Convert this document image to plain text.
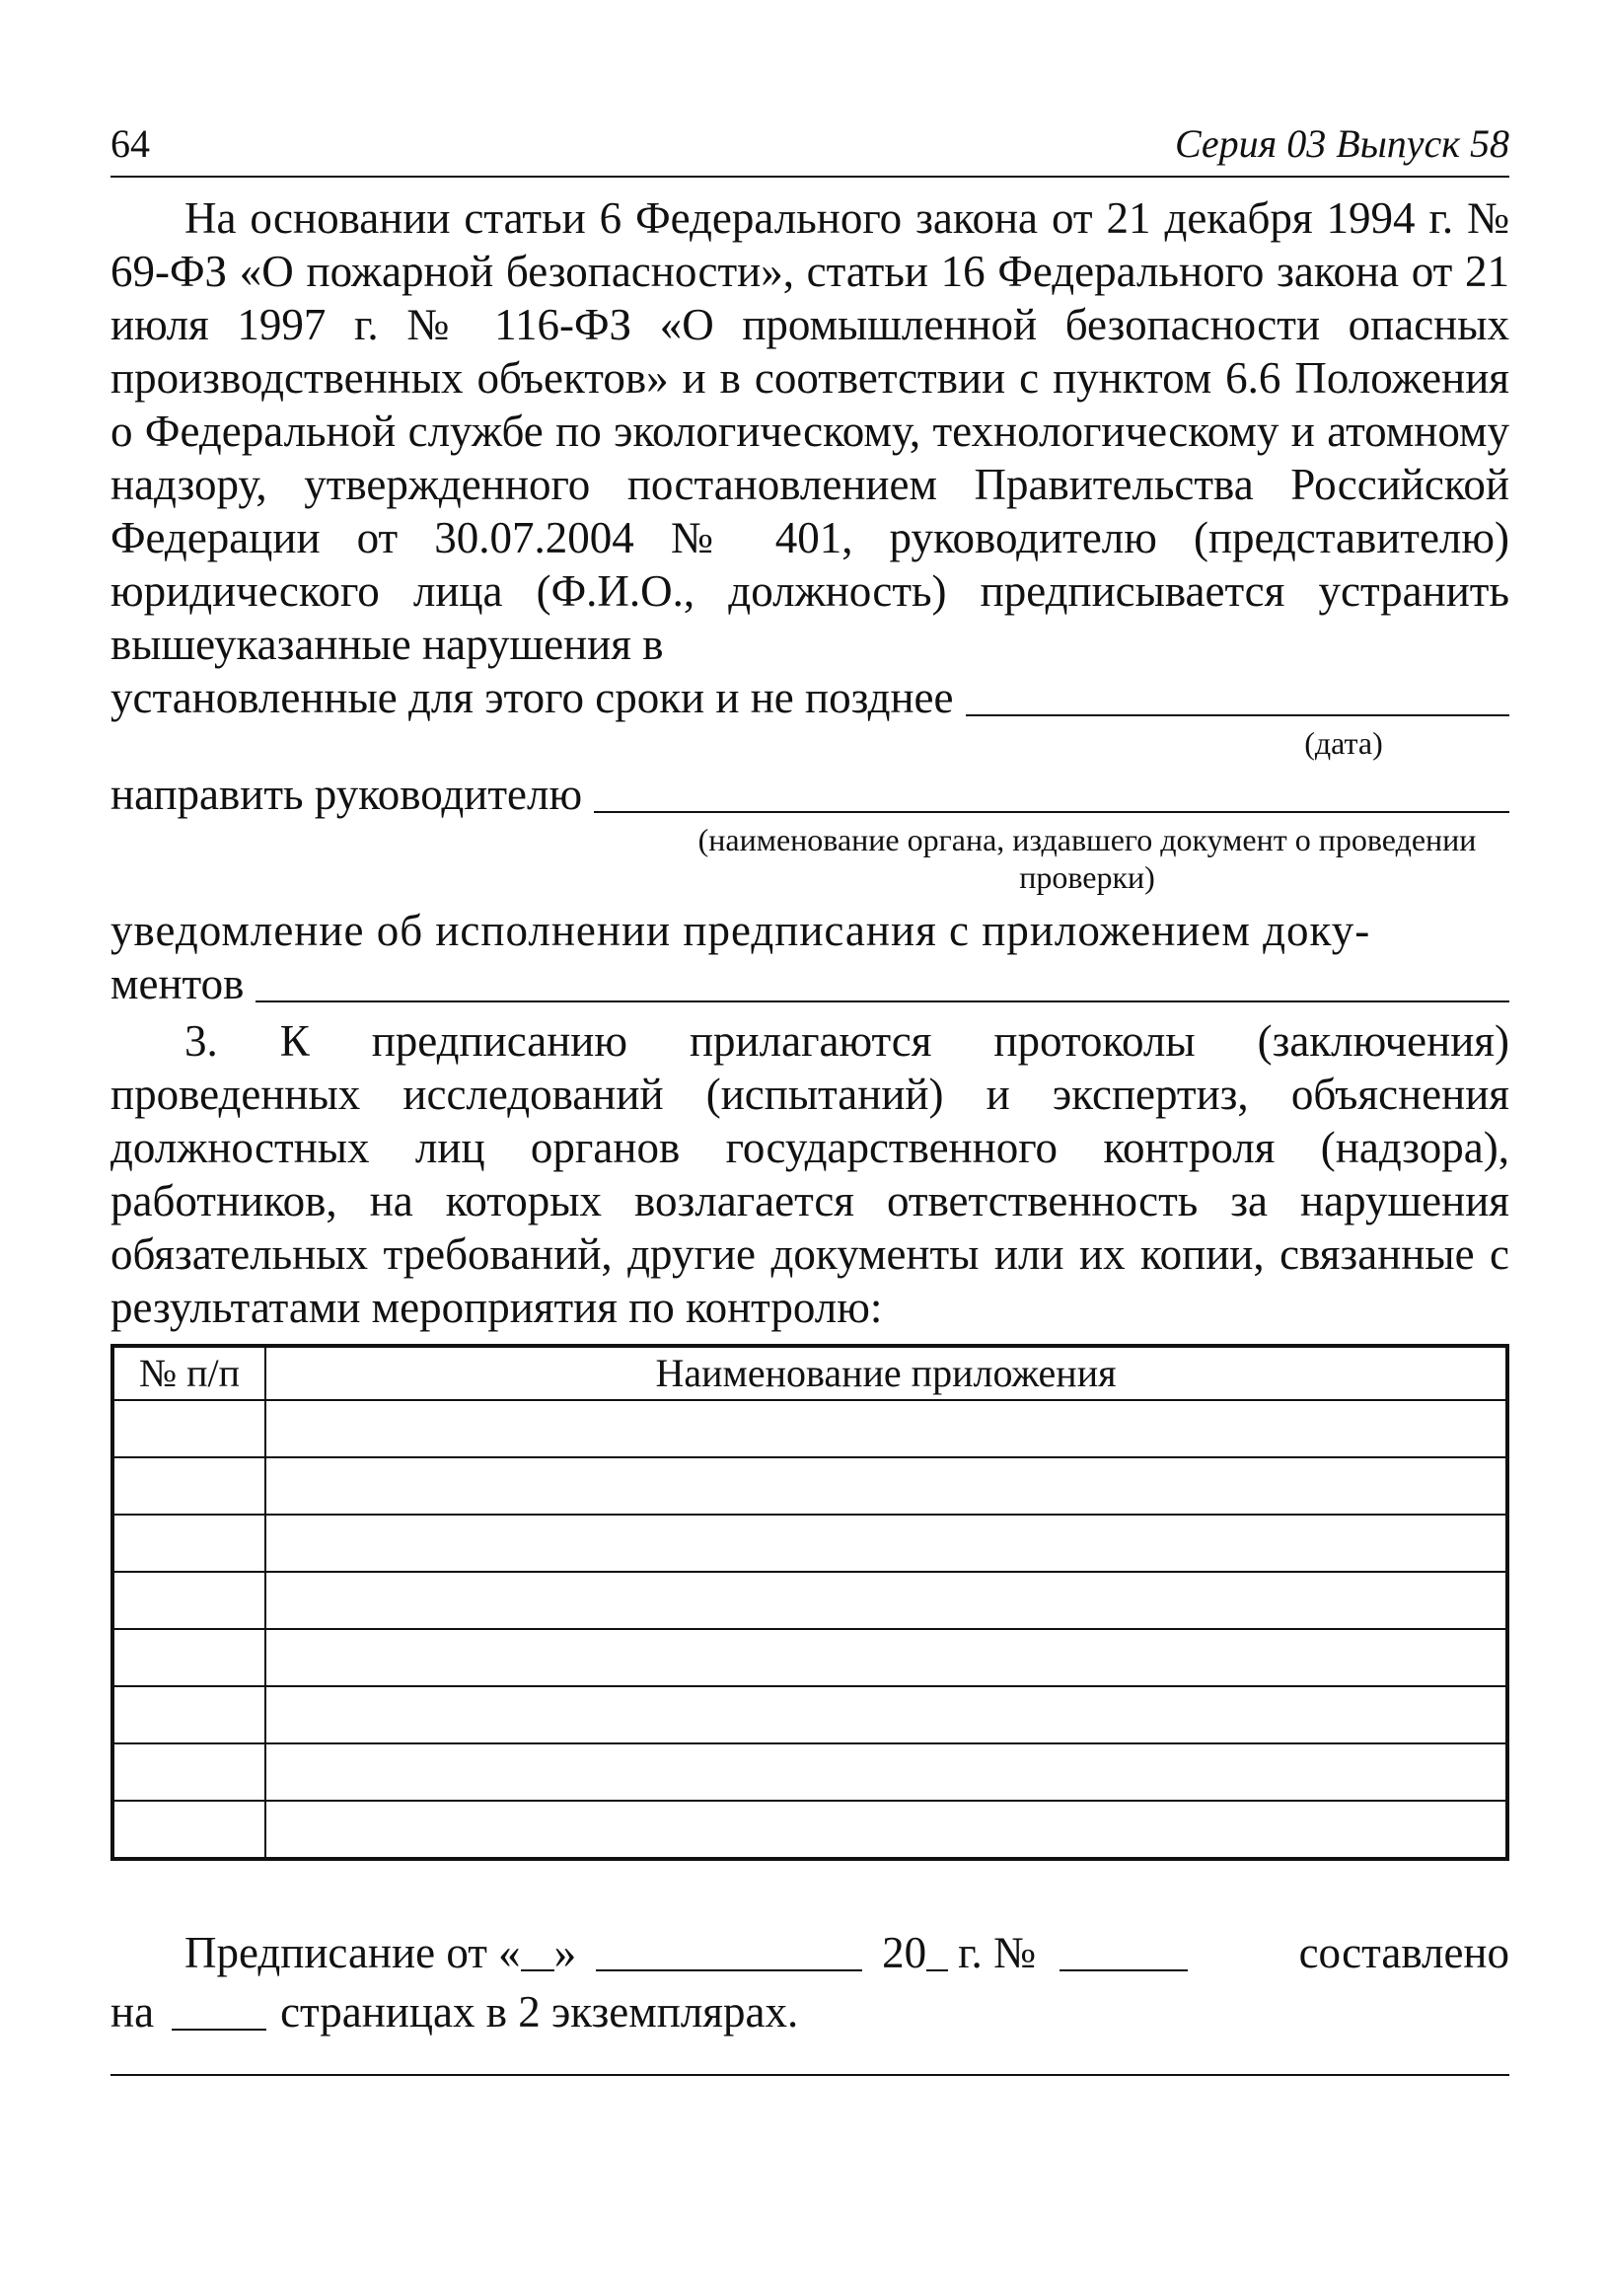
64	Серия 03 Выпуск 58

На основании статьи 6 Федерального закона от 21 декабря 1994 г. № 69-ФЗ «О пожарной безопасности», статьи 16 Федерального закона от 21 июля 1997 г. № 116-ФЗ «О промышленной безопасности опасных производственных объектов» и в соответствии с пунктом 6.6 Положения о Федеральной службе по экологическому, технологическому и атомному надзору, утвержденного постановлением Правительства Российской Федерации от 30.07.2004 № 401, руководителю (представителю) юридического лица (Ф.И.О., должность) предписывается устранить вышеуказанные нарушения в

установленные для этого сроки и не позднее
(дата)
направить руководителю
(наименование органа, издавшего документ о проведении проверки)

уведомление об исполнении предписания с приложением доку-

ментов

3. К предписанию прилагаются протоколы (заключения) проведенных исследований (испытаний) и экспертиз, объяснения должностных лиц органов государственного контроля (надзора), работников, на которых возлагается ответственность за нарушения обязательных требований, другие документы или их копии, связанные с результатами мероприятия по контролю:

№ п/п	Наименование приложения

Предписание от « »	20 г. №	составлено
на	страницах в 2 экземплярах.
